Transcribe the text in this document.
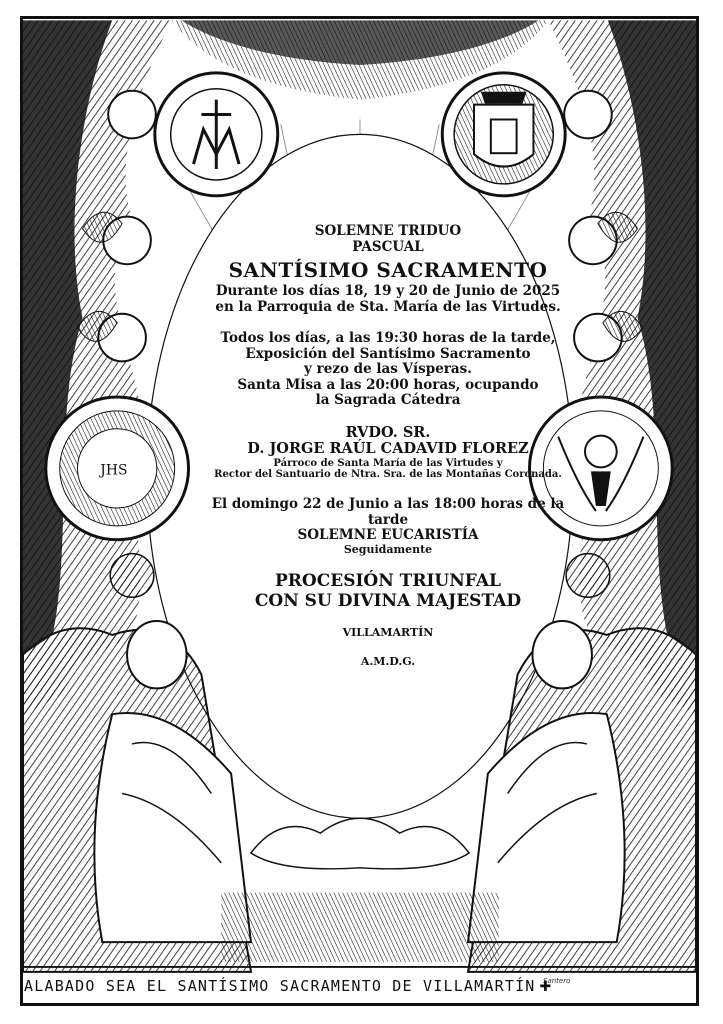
JHS
SOLEMNE TRIDUO
PASCUAL
SANTÍSIMO SACRAMENTO
Durante los días 18, 19 y 20 de Junio de 2025
en la Parroquia de Sta. María de las Virtudes.
Todos los días, a las 19:30 horas de la tarde,
Exposición del Santísimo Sacramento
y rezo de las Vísperas.
Santa Misa a las 20:00 horas, ocupando
la Sagrada Cátedra
RVDO. SR.
D. JORGE RAÚL CADAVID FLOREZ
Párroco de Santa María de las Virtudes y
Rector del Santuario de Ntra. Sra. de las Montañas Coronada.
El domingo 22 de Junio a las 18:00 horas de la
tarde
SOLEMNE EUCARISTÍA
Seguidamente
PROCESIÓN TRIUNFAL
CON SU DIVINA MAJESTAD
VILLAMARTÍN
A.M.D.G.
Santero
ALABADO SEA EL SANTÍSIMO SACRAMENTO DE VILLAMARTÍN ✚
